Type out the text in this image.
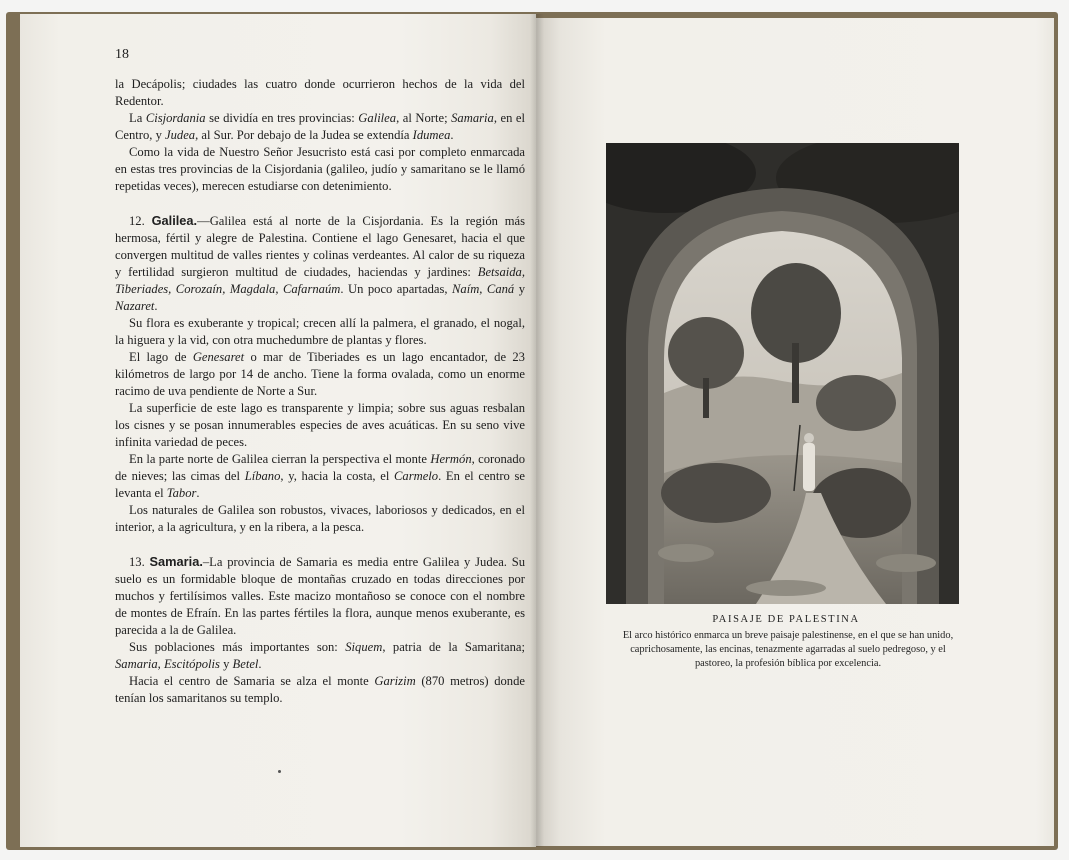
18

la Decápolis; ciudades las cuatro donde ocurrieron hechos de la vida del Redentor.

La Cisjordania se dividía en tres provincias: Galilea, al Norte; Samaria, en el Centro, y Judea, al Sur. Por debajo de la Judea se extendía Idumea.

Como la vida de Nuestro Señor Jesucristo está casi por completo enmarcada en estas tres provincias de la Cisjordania (galileo, judío y samaritano se le llamó repetidas veces), merecen estudiarse con detenimiento.

12. Galilea.—Galilea está al norte de la Cisjordania. Es la región más hermosa, fértil y alegre de Palestina. Contiene el lago Genesaret, hacia el que convergen multitud de valles rientes y colinas verdeantes. Al calor de su riqueza y fertilidad surgieron multitud de ciudades, haciendas y jardines: Betsaida, Tiberiades, Corozaín, Magdala, Cafarnaúm. Un poco apartadas, Naím, Caná y Nazaret.

Su flora es exuberante y tropical; crecen allí la palmera, el granado, el nogal, la higuera y la vid, con otra muchedumbre de plantas y flores.

El lago de Genesaret o mar de Tiberiades es un lago encantador, de 23 kilómetros de largo por 14 de ancho. Tiene la forma ovalada, como un enorme racimo de uva pendiente de Norte a Sur.

La superficie de este lago es transparente y limpia; sobre sus aguas resbalan los cisnes y se posan innumerables especies de aves acuáticas. En su seno vive infinita variedad de peces.

En la parte norte de Galilea cierran la perspectiva el monte Hermón, coronado de nieves; las cimas del Líbano, y, hacia la costa, el Carmelo. En el centro se levanta el Tabor.

Los naturales de Galilea son robustos, vivaces, laboriosos y dedicados, en el interior, a la agricultura, y en la ribera, a la pesca.

13. Samaria.–La provincia de Samaria es media entre Galilea y Judea. Su suelo es un formidable bloque de montañas cruzado en todas direcciones por muchos y fertilísimos valles. Este macizo montañoso se conoce con el nombre de montes de Efraín. En las partes fértiles la flora, aunque menos exuberante, es parecida a la de Galilea.

Sus poblaciones más importantes son: Siquem, patria de la Samaritana; Samaria, Escitópolis y Betel.

Hacia el centro de Samaria se alza el monte Garizim (870 metros) donde tenían los samaritanos su templo.

PAISAJE DE PALESTINA
El arco histórico enmarca un breve paisaje palestinense, en el que se han unido, caprichosamente, las encinas, tenazmente agarradas al suelo pedregoso, y el pastoreo, la profesión bíblica por excelencia.
